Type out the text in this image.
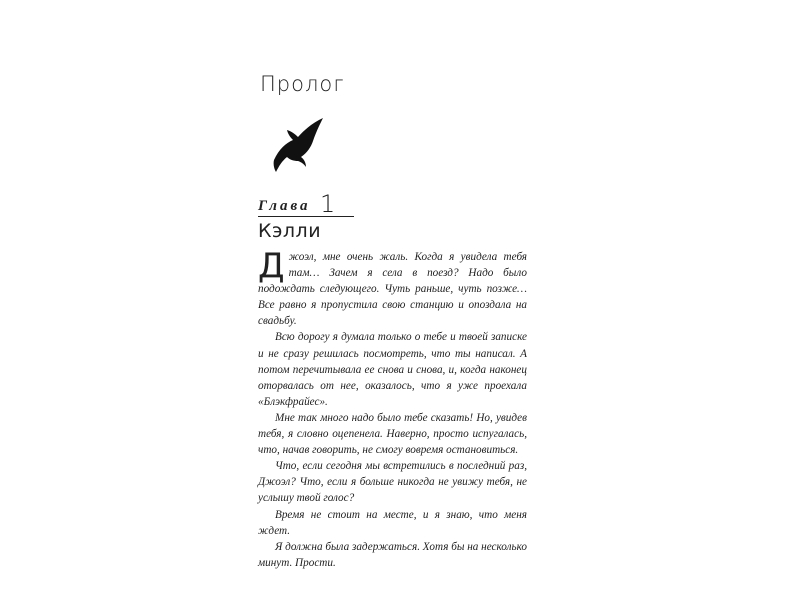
Пролог
Глава 1
Кэлли

Джоэл, мне очень жаль. Когда я увидела тебя там… Зачем я села в поезд? Надо было подождать следующего. Чуть раньше, чуть позже… Все равно я пропустила свою станцию и опоздала на свадьбу.

Всю дорогу я думала только о тебе и твоей записке и не сразу решилась посмотреть, что ты написал. А потом перечитывала ее снова и снова, и, когда наконец оторвалась от нее, оказалось, что я уже проехала «Блэкфрайес».

Мне так много надо было тебе сказать! Но, увидев тебя, я словно оцепенела. Наверно, просто испугалась, что, начав говорить, не смогу вовремя остановиться.

Что, если сегодня мы встретились в последний раз, Джоэл? Что, если я больше никогда не увижу тебя, не услышу твой голос?

Время не стоит на месте, и я знаю, что меня ждет.

Я должна была задержаться. Хотя бы на несколько минут. Прости.
